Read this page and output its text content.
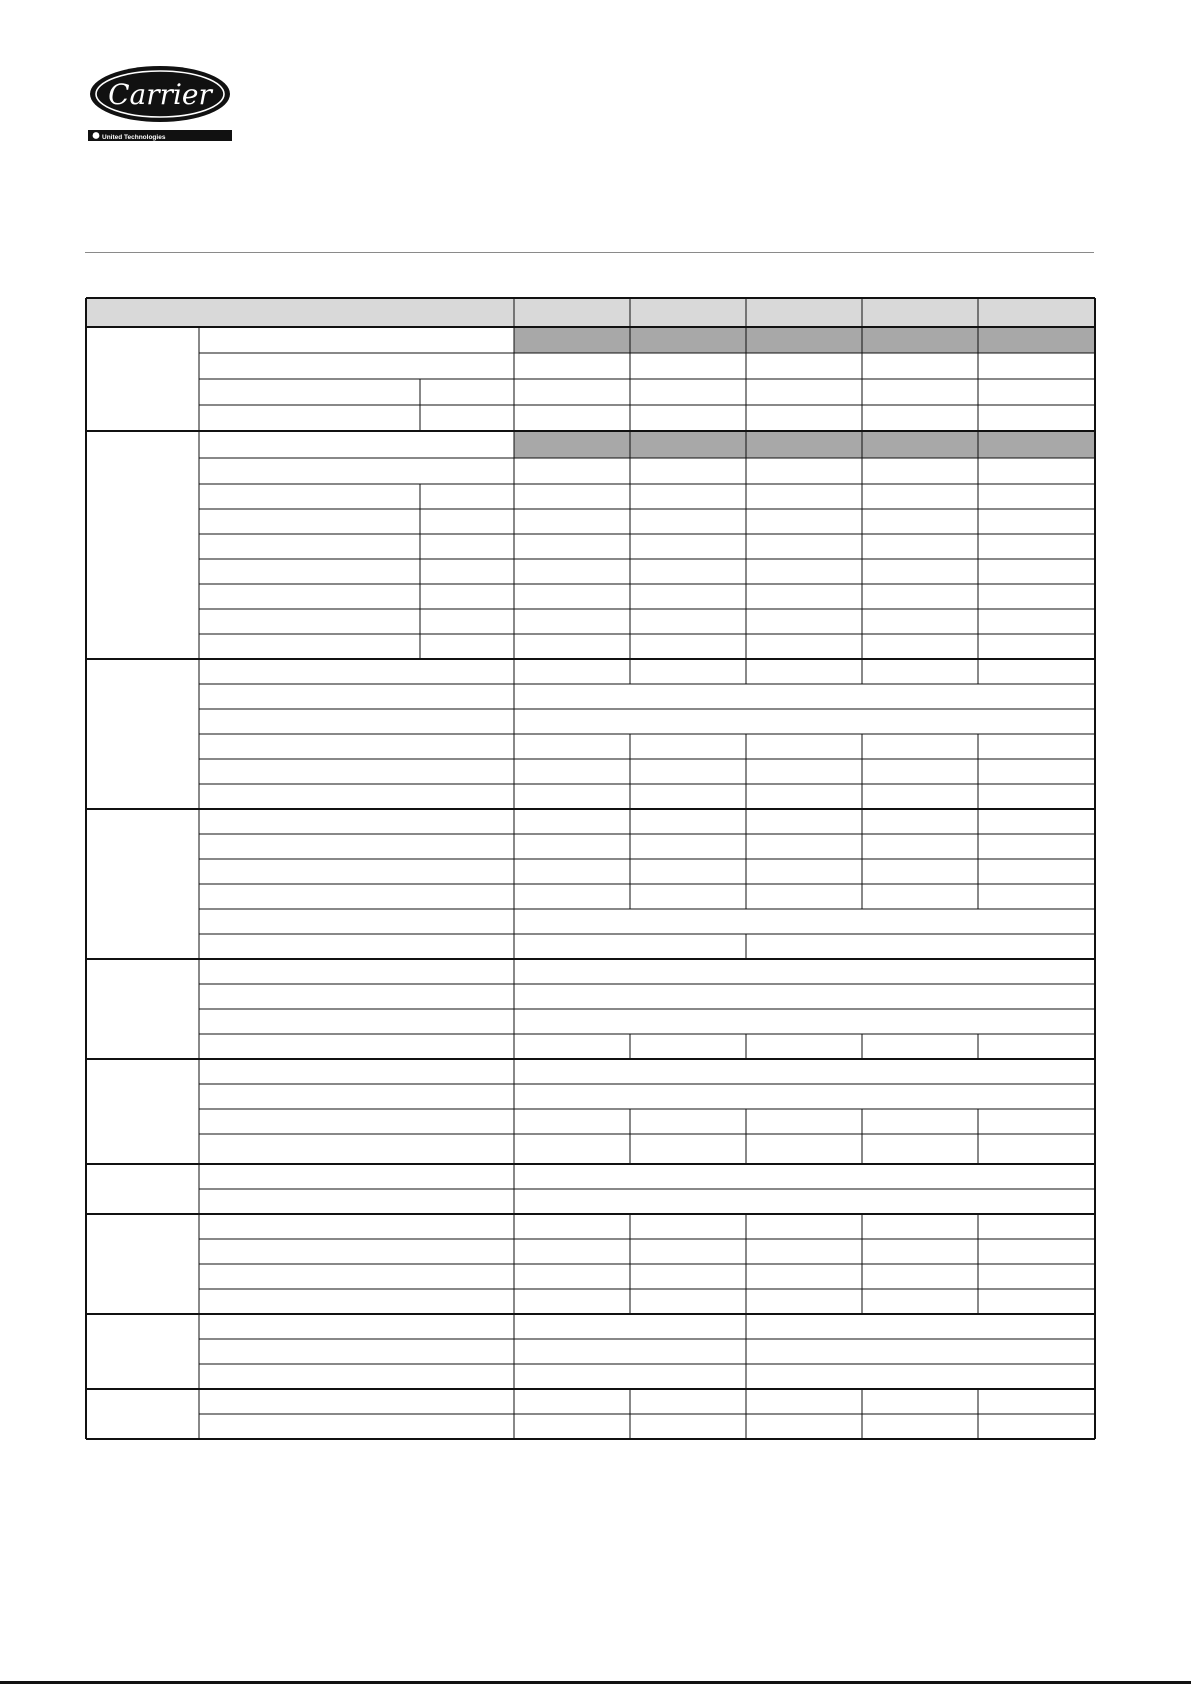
Carrier
United Technologies
